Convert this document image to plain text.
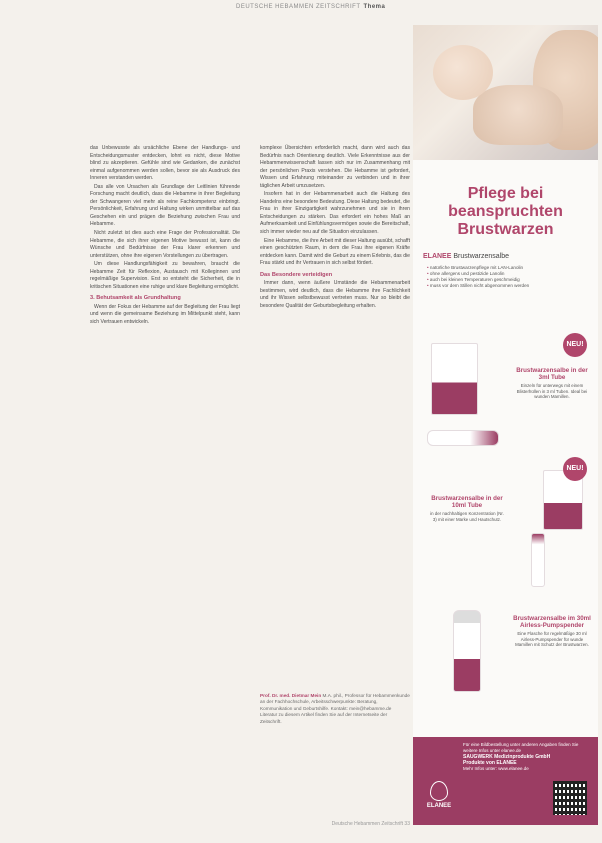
DEUTSCHE HEBAMMEN ZEITSCHRIFT Thema

das Unbewusste als ursächliche Ebene der Handlungs- und Entscheidungsmuster entdecken, lohnt es nicht, diese Motive blind zu akzeptieren. Gefühle sind wie Gedanken, die zunächst einmal aufgenommen werden sollen, bevor sie als Ausdruck des Inneren verstanden werden.

Das alle von Ursachen als Grundlage der Leitlinien führende Forschung macht deutlich, dass die Hebamme in ihrer Begleitung der Schwangeren viel mehr als reine Fachkompetenz einbringt. Persönlichkeit, Erfahrung und Haltung wirken unmittelbar auf das Geschehen ein und prägen die Beziehung zwischen Frau und Hebamme.

Nicht zuletzt ist dies auch eine Frage der Professionalität. Die Hebamme, die sich ihrer eigenen Motive bewusst ist, kann die Wünsche und Bedürfnisse der Frau klarer erkennen und unterstützen, ohne ihre eigenen Vorstellungen zu übertragen.

Um diese Handlungsfähigkeit zu bewahren, braucht die Hebamme Zeit für Reflexion, Austausch mit Kolleginnen und regelmäßige Supervision. Erst so entsteht die Sicherheit, die in kritischen Situationen eine ruhige und klare Begleitung ermöglicht.

3. Behutsamkeit als Grundhaltung

Wenn der Fokus der Hebamme auf der Begleitung der Frau liegt und wenn die gemeinsame Beziehung im Mittelpunkt steht, kann sich Vertrauen entwickeln.

komplexe Übersichten erforderlich macht, dann wird auch das Bedürfnis nach Orientierung deutlich. Viele Erkenntnisse aus der Hebammenwissenschaft lassen sich nur im Zusammenhang mit der persönlichen Praxis verstehen. Die Hebamme ist gefordert, Wissen und Erfahrung miteinander zu verbinden und in ihrer täglichen Arbeit umzusetzen.

Insofern hat in der Hebammenarbeit auch die Haltung des Handelns eine besondere Bedeutung. Diese Haltung bedeutet, die Frau in ihrer Einzigartigkeit wahrzunehmen und sie in ihren Entscheidungen zu stärken. Das erfordert ein hohes Maß an Aufmerksamkeit und Einfühlungsvermögen sowie die Bereitschaft, sich immer wieder neu auf die Situation einzulassen.

Eine Hebamme, die ihre Arbeit mit dieser Haltung ausübt, schafft einen geschützten Raum, in dem die Frau ihre eigenen Kräfte entdecken kann. Damit wird die Geburt zu einem Erlebnis, das die Frau stärkt und ihr Vertrauen in sich selbst fördert.

Das Besondere verteidigen

Immer dann, wenn äußere Umstände die Hebammenarbeit bestimmen, wird deutlich, dass die Hebamme ihre Fachlichkeit und ihr Wissen selbstbewusst vertreten muss. Nur so bleibt die besondere Qualität der Geburtsbegleitung erhalten.

Prof. Dr. med. Dietmar Mein M.A. phil., Professor für Hebammenkunde an der Fachhochschule, Arbeitsschwerpunkte: Beratung, Kommunikation und Geburtshilfe. Kontakt: mein@hebamme.de
Literatur zu diesem Artikel finden Sie auf der Internetseite der Zeitschrift.
Deutsche Hebammen Zeitschrift 33
Pflege bei
beanspruchten
Brustwarzen
ELANEE Brustwarzensalbe
• natürliche Brustwarzenpflege mit LAN-Lanolin
• ohne allergens und pestizide Lanolin
• auch bei kleinen Temperaturen geschmeidig
• muss vor dem Stillen nicht abgenommen werden
NEU!
Brustwarzensalbe in der 3ml Tube
Einzeln für unterwegs mit einem Blisterhüllen in 3 ml Tuben. Ideal bei wunden Mamillen.
NEU!
Brustwarzensalbe in der 10ml Tube
in der nachhaltigen Konzentration (Nr. 3) mit einer Marke und Hautschutz.
Brustwarzensalbe im 30ml Airless-Pumpspender
Eine Flasche für regelmäßige 30 ml Airless-Pumpspender für wunde Mamillen mit Schutz der Brustwarzen.
Für eine Bildbestellung unter anderen Angaben finden Sie weitere Infos unter elanee.de
SAUGWERK Medizinprodukte GmbH
Produkte von ELANEE
Mehr Infos unter: www.elanee.de
ELANEE
